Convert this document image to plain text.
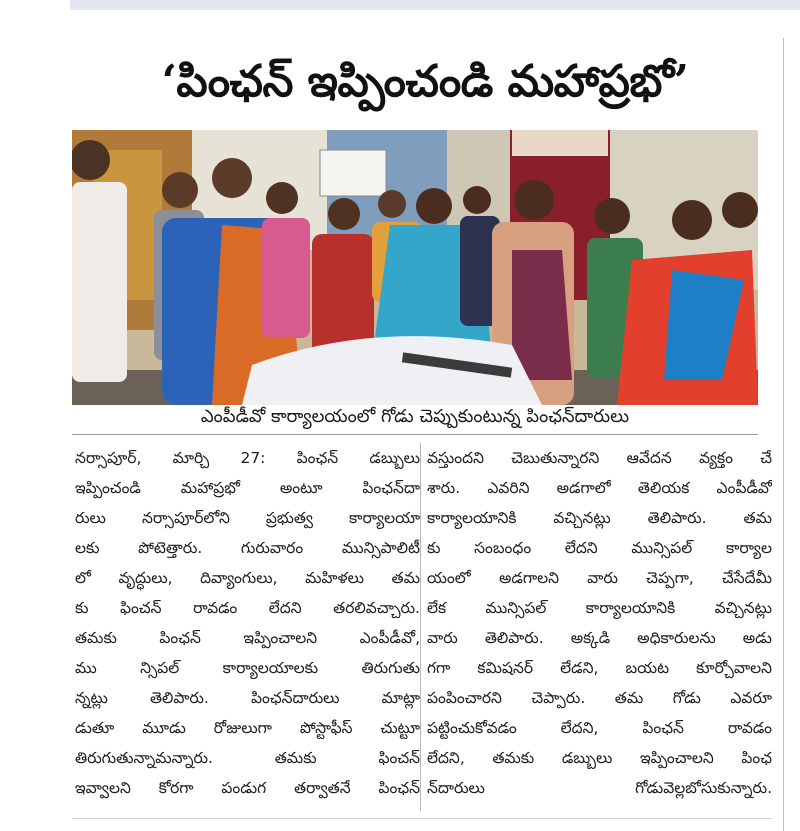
‘పింఛన్ ఇప్పించండి మహాప్రభో’
ఎంపీడీవో కార్యాలయంలో గోడు చెప్పుకుంటున్న పింఛన్‌దారులు
నర్సాపూర్, మార్చి 27: పింఛన్ డబ్బులు
ఇప్పించండి మహాప్రభో అంటూ పింఛన్‌దా
రులు నర్సాపూర్‌లోని ప్రభుత్వ కార్యాలయా
లకు పోటెత్తారు. గురువారం మున్సిపాలిటీ
లో వృద్ధులు, దివ్యాంగులు, మహిళలు తమ
కు ఫించన్ రావడం లేదని తరలివచ్చారు.
తమకు పింఛన్ ఇప్పించాలని ఎంపీడీవో,
ము న్సిపల్ కార్యాలయాలకు తిరుగుతు
న్నట్లు తెలిపారు. పింఛన్‌దారులు మాట్లా
డుతూ మూడు రోజులుగా పోస్టాఫీస్ చుట్టూ
తిరుగుతున్నామన్నారు. తమకు ఫించన్
ఇవ్వాలని కోరగా పండుగ తర్వాతనే పింఛన్
వస్తుందని చెబుతున్నారని ఆవేదన వ్యక్తం చే
శారు. ఎవరిని అడగాలో తెలియక ఎంపీడీవో
కార్యాలయానికి వచ్చినట్లు తెలిపారు. తమ
కు సంబంధం లేదని మున్సిపల్ కార్యాల
యంలో అడగాలని వారు చెప్పగా, చేసేదేమీ
లేక మున్సిపల్ కార్యాలయానికి వచ్చినట్లు
వారు తెలిపారు. అక్కడి అధికారులను అడు
గగా కమిషనర్ లేడని, బయట కూర్చోవాలని
పంపించారని చెప్పారు. తమ గోడు ఎవరూ
పట్టించుకోవడం లేదని, పింఛన్ రావడం
లేదని, తమకు డబ్బులు ఇప్పించాలని పింఛ
న్‌దారులు గోడువెల్లబోసుకున్నారు.
